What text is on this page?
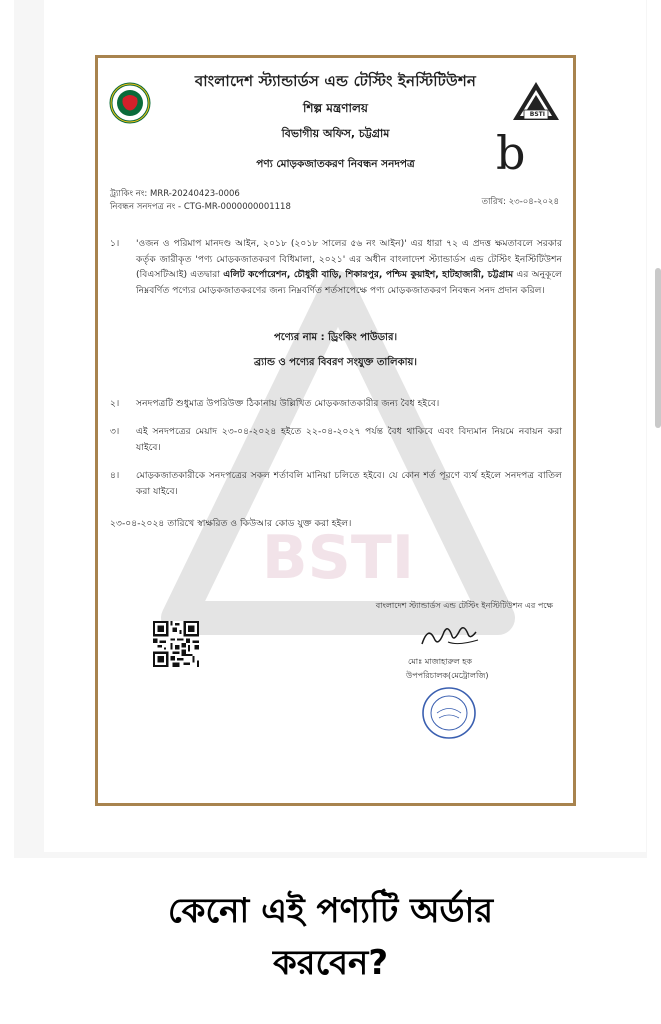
BSTI
BSTI
বাংলাদেশ স্ট্যান্ডার্ডস এন্ড টেস্টিং ইনস্টিটিউশন
শিল্প মন্ত্রণালয়
বিভাগীয় অফিস, চট্টগ্রাম
পণ্য মোড়কজাতকরণ নিবন্ধন সনদপত্র	b
ট্র্যাকিং নং: MRR-20240423-0006
নিবন্ধন সনদপত্র নং - CTG-MR-0000000001118	তারিখ: ২৩-০৪-২০২৪
১। 'ওজন ও পরিমাপ মানদণ্ড আইন, ২০১৮ (২০১৮ সালের ৫৬ নং আইন)' এর ধারা ৭২ এ প্রদত্ত ক্ষমতাবলে সরকার কর্তৃক জারীকৃত 'পণ্য মোড়কজাতকরণ বিধিমালা, ২০২১' এর অধীন বাংলাদেশ স্ট্যান্ডার্ডস এন্ড টেস্টিং ইনস্টিটিউশন (বিএসটিআই) এতদ্বারা এলিট কর্পোরেশন, চৌধুরী বাড়ি, শিকারপুর, পশ্চিম কুয়াইশ, হাটহাজারী, চট্টগ্রাম এর অনুকূলে নিম্নবর্ণিত পণ্যের মোড়কজাতকরণের জন্য নিম্নবর্ণিত শর্তসাপেক্ষে পণ্য মোড়কজাতকরণ নিবন্ধন সনদ প্রদান করিল।
পণ্যের নাম : ড্রিংকিং পাউডার।
ব্র্যান্ড ও পণ্যের বিবরণ সংযুক্ত তালিকায়।
২। সনদপত্রটি শুধুমাত্র উপরিউক্ত ঠিকানায় উল্লিখিত মোড়কজাতকারীর জন্য বৈধ হইবে।
৩। এই সনদপত্রের মেয়াদ ২৩-০৪-২০২৪ হইতে ২২-০৪-২০২৭ পর্যন্ত বৈধ থাকিবে এবং বিদ্যমান নিয়মে নবায়ন করা যাইবে।
৪। মোড়কজাতকারীকে সনদপত্রের সকল শর্তাবলি মানিয়া চলিতে হইবে। যে কোন শর্ত পূরণে ব্যর্থ হইলে সনদপত্র বাতিল করা যাইবে।
২৩-০৪-২০২৪ তারিখে স্বাক্ষরিত ও কিউআর কোড যুক্ত করা হইল।
বাংলাদেশ স্ট্যান্ডার্ডস এন্ড টেস্টিং ইনস্টিটিউশন এর পক্ষে
মোঃ মাজাহারুল হক
উপপরিচালক(মেট্রোলজি)
কেনো এই পণ্যটি অর্ডার
করবেন?
